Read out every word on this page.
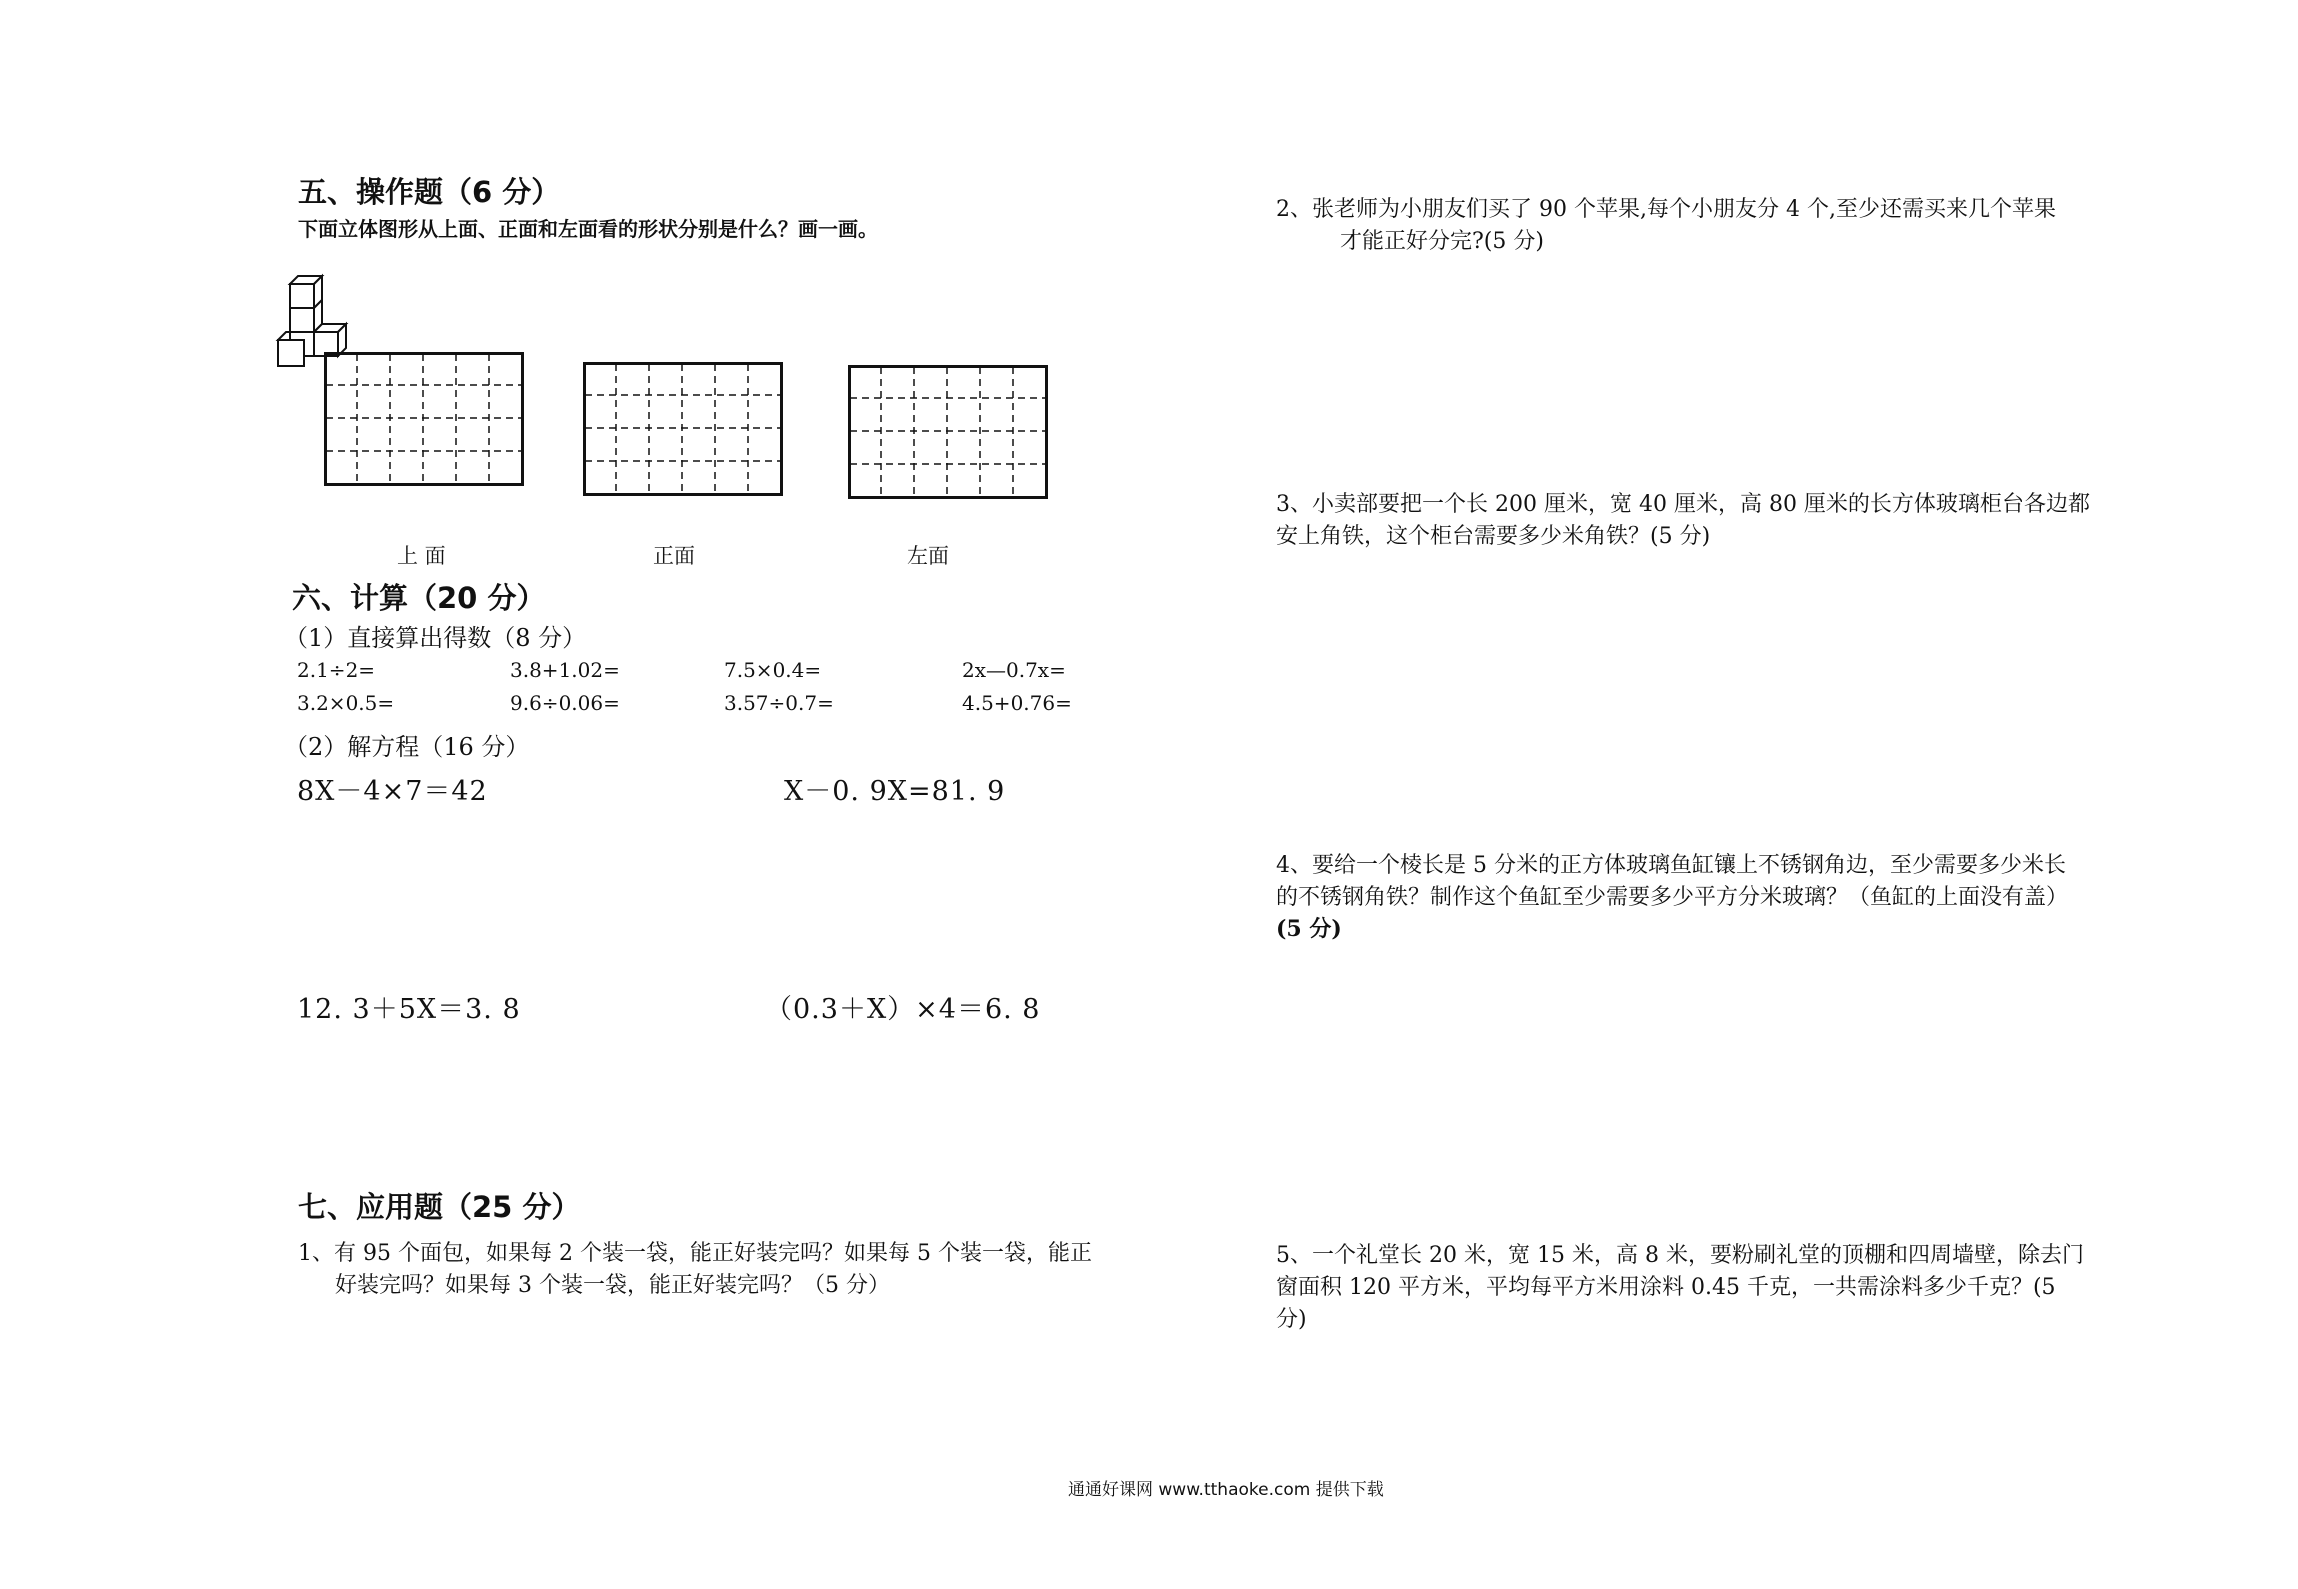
五、操作题（6 分）
下面立体图形从上面、正面和左面看的形状分别是什么？画一画。
上 面	正面	左面
六、计算（20 分）
（1）直接算出得数（8 分）
2.1÷2=	3.8+1.02=	7.5×0.4=	2x—0.7x=
3.2×0.5=	9.6÷0.06=	3.57÷0.7=	4.5+0.76=
（2）解方程（16 分）
8X－4×7＝42	X－0. 9X=81. 9
12. 3＋5X＝3. 8	（0.3＋X）×4＝6. 8
七、应用题（25 分）
1、有 95 个面包，如果每 2 个装一袋，能正好装完吗？如果每 5 个装一袋，能正
好装完吗？如果每 3 个装一袋，能正好装完吗？（5 分）
2、张老师为小朋友们买了 90 个苹果,每个小朋友分 4 个,至少还需买来几个苹果
才能正好分完?(5 分)
3、小卖部要把一个长 200 厘米，宽 40 厘米，高 80 厘米的长方体玻璃柜台各边都
安上角铁，这个柜台需要多少米角铁？(5 分)
4、要给一个棱长是 5 分米的正方体玻璃鱼缸镶上不锈钢角边，至少需要多少米长
的不锈钢角铁？制作这个鱼缸至少需要多少平方分米玻璃？（鱼缸的上面没有盖）
(5 分)
5、一个礼堂长 20 米，宽 15 米，高 8 米，要粉刷礼堂的顶棚和四周墙壁，除去门
窗面积 120 平方米，平均每平方米用涂料 0.45 千克，一共需涂料多少千克？(5
分)
通通好课网 www.tthaoke.com 提供下载
